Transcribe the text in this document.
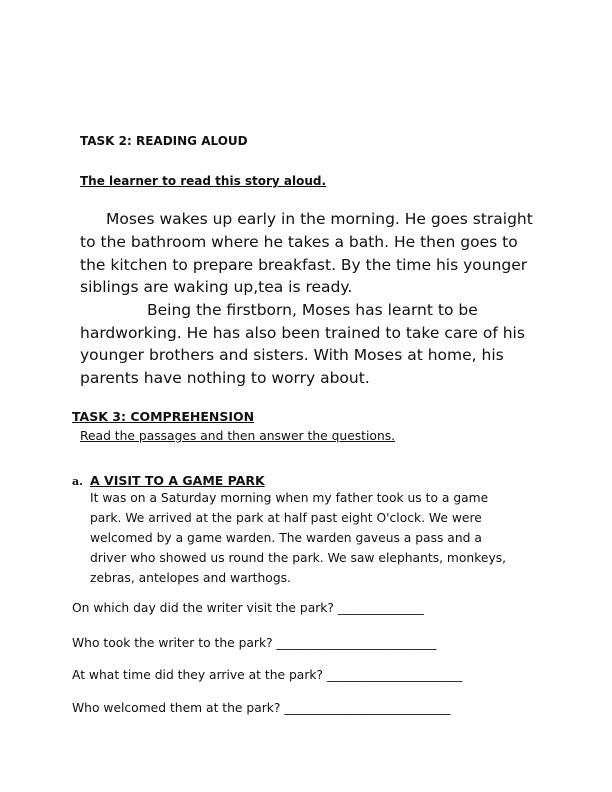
TASK 2: READING ALOUD
The learner to read this story aloud.
Moses wakes up early in the morning. He goes straight
to the bathroom where he takes a bath. He then goes to
the kitchen to prepare breakfast. By the time his younger
siblings are waking up,tea is ready.
Being the firstborn, Moses has learnt to be
hardworking. He has also been trained to take care of his
younger brothers and sisters. With Moses at home, his
parents have nothing to worry about.
TASK 3: COMPREHENSION
Read the passages and then answer the questions.
a. A VISIT TO A GAME PARK
It was on a Saturday morning when my father took us to a game
park. We arrived at the park at half past eight O'clock. We were
welcomed by a game warden. The warden gaveus a pass and a
driver who showed us round the park. We saw elephants, monkeys,
zebras, antelopes and warthogs.
On which day did the writer visit the park? ______________
Who took the writer to the park? __________________________
At what time did they arrive at the park? ______________________
Who welcomed them at the park? ___________________________
